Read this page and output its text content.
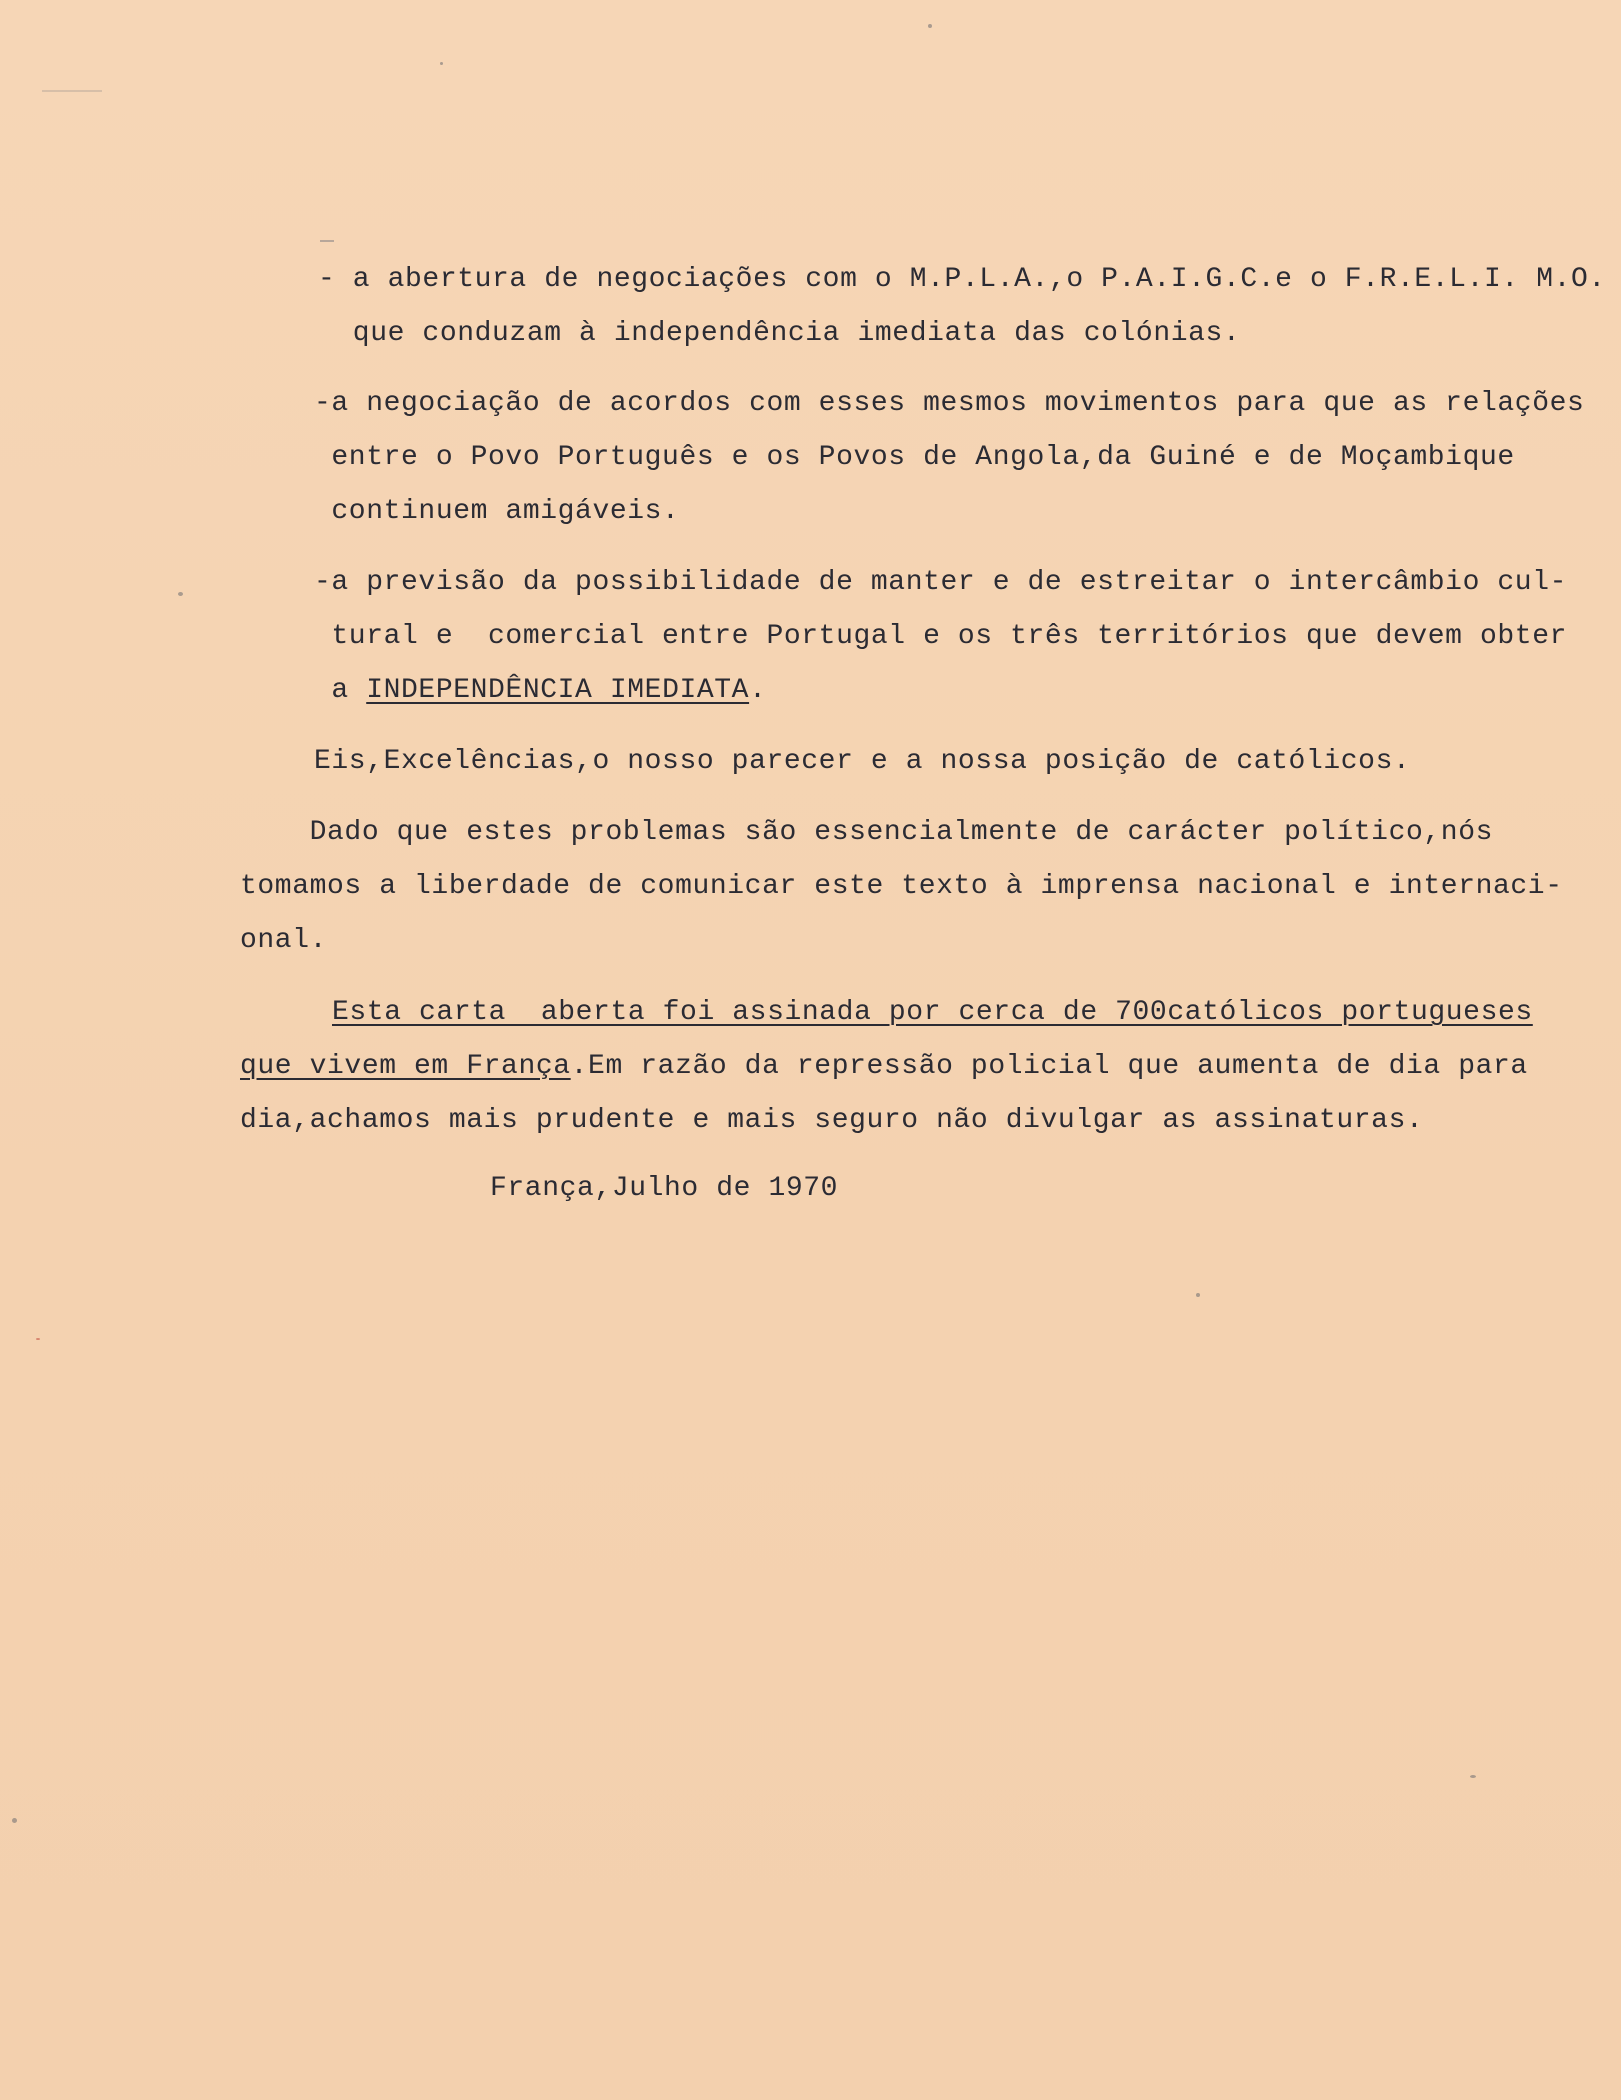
- a abertura de negociações com o M.P.L.A.,o P.A.I.G.C.e o F.R.E.L.I. M.O.
que conduzam à independência imediata das colónias.
-a negociação de acordos com esses mesmos movimentos para que as relações
entre o Povo Português e os Povos de Angola,da Guiné e de Moçambique
continuem amigáveis.
-a previsão da possibilidade de manter e de estreitar o intercâmbio cul-
tural e  comercial entre Portugal e os três territórios que devem obter
a INDEPENDÊNCIA IMEDIATA.
Eis,Excelências,o nosso parecer e a nossa posição de católicos.
Dado que estes problemas são essencialmente de carácter político,nós
tomamos a liberdade de comunicar este texto à imprensa nacional e internaci-
onal.
Esta carta  aberta foi assinada por cerca de 700católicos portugueses
que vivem em França.Em razão da repressão policial que aumenta de dia para
dia,achamos mais prudente e mais seguro não divulgar as assinaturas.
França,Julho de 1970
